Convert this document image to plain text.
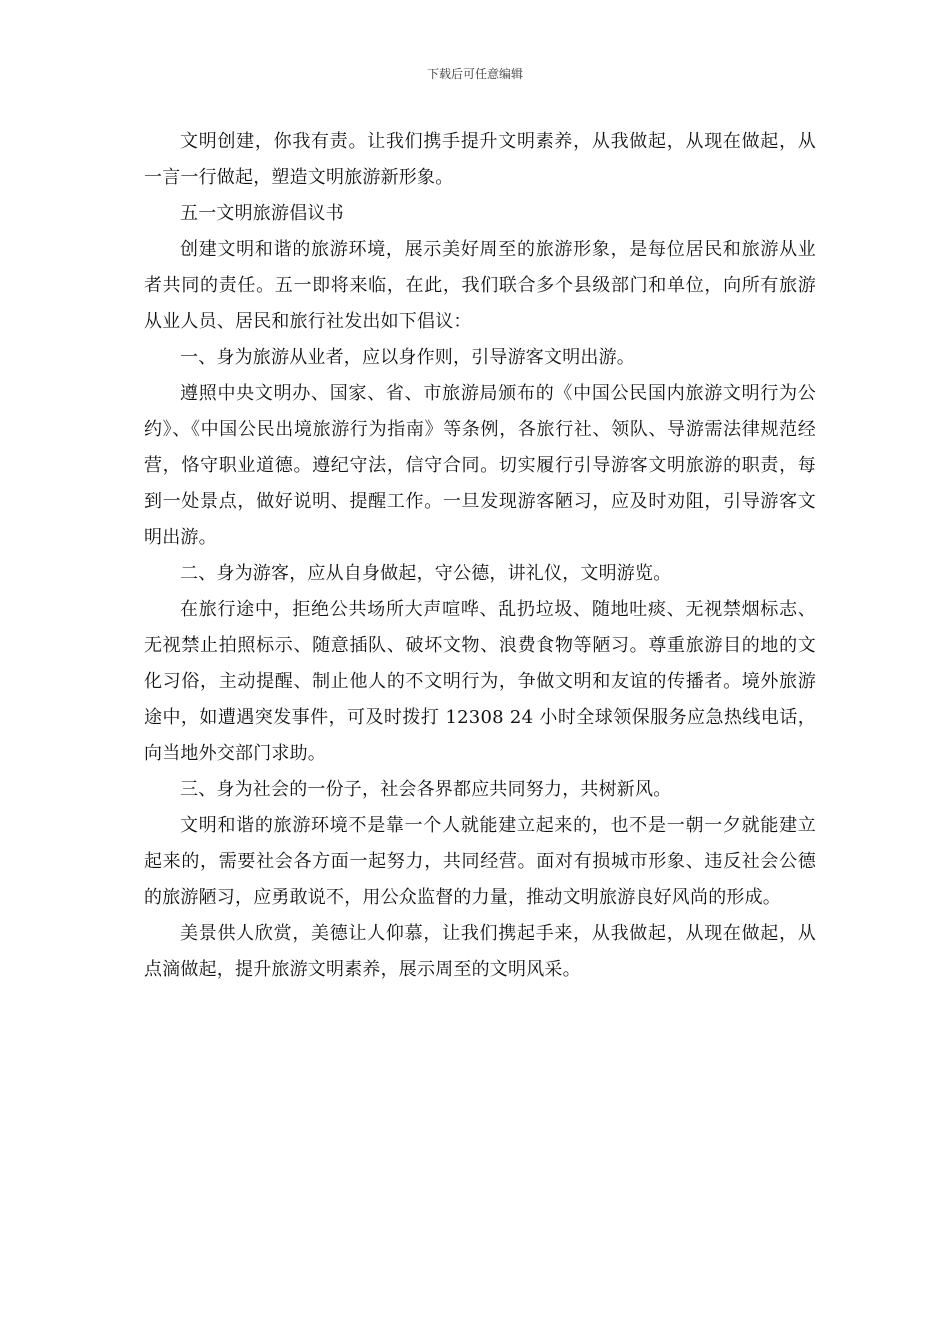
下载后可任意编辑

文明创建，你我有责。让我们携手提升文明素养，从我做起，从现在做起，从一言一行做起，塑造文明旅游新形象。

五一文明旅游倡议书

创建文明和谐的旅游环境，展示美好周至的旅游形象，是每位居民和旅游从业者共同的责任。五一即将来临，在此，我们联合多个县级部门和单位，向所有旅游从业人员、居民和旅行社发出如下倡议：

一、身为旅游从业者，应以身作则，引导游客文明出游。

遵照中央文明办、国家、省、市旅游局颁布的《中国公民国内旅游文明行为公约》、《中国公民出境旅游行为指南》等条例，各旅行社、领队、导游需法律规范经营，恪守职业道德。遵纪守法，信守合同。切实履行引导游客文明旅游的职责，每到一处景点，做好说明、提醒工作。一旦发现游客陋习，应及时劝阻，引导游客文明出游。

二、身为游客，应从自身做起，守公德，讲礼仪，文明游览。

在旅行途中，拒绝公共场所大声喧哗、乱扔垃圾、随地吐痰、无视禁烟标志、无视禁止拍照标示、随意插队、破坏文物、浪费食物等陋习。尊重旅游目的地的文化习俗，主动提醒、制止他人的不文明行为，争做文明和友谊的传播者。境外旅游途中，如遭遇突发事件，可及时拨打 12308 24 小时全球领保服务应急热线电话，向当地外交部门求助。

三、身为社会的一份子，社会各界都应共同努力，共树新风。

文明和谐的旅游环境不是靠一个人就能建立起来的，也不是一朝一夕就能建立起来的，需要社会各方面一起努力，共同经营。面对有损城市形象、违反社会公德的旅游陋习，应勇敢说不，用公众监督的力量，推动文明旅游良好风尚的形成。

美景供人欣赏，美德让人仰慕，让我们携起手来，从我做起，从现在做起，从点滴做起，提升旅游文明素养，展示周至的文明风采。
